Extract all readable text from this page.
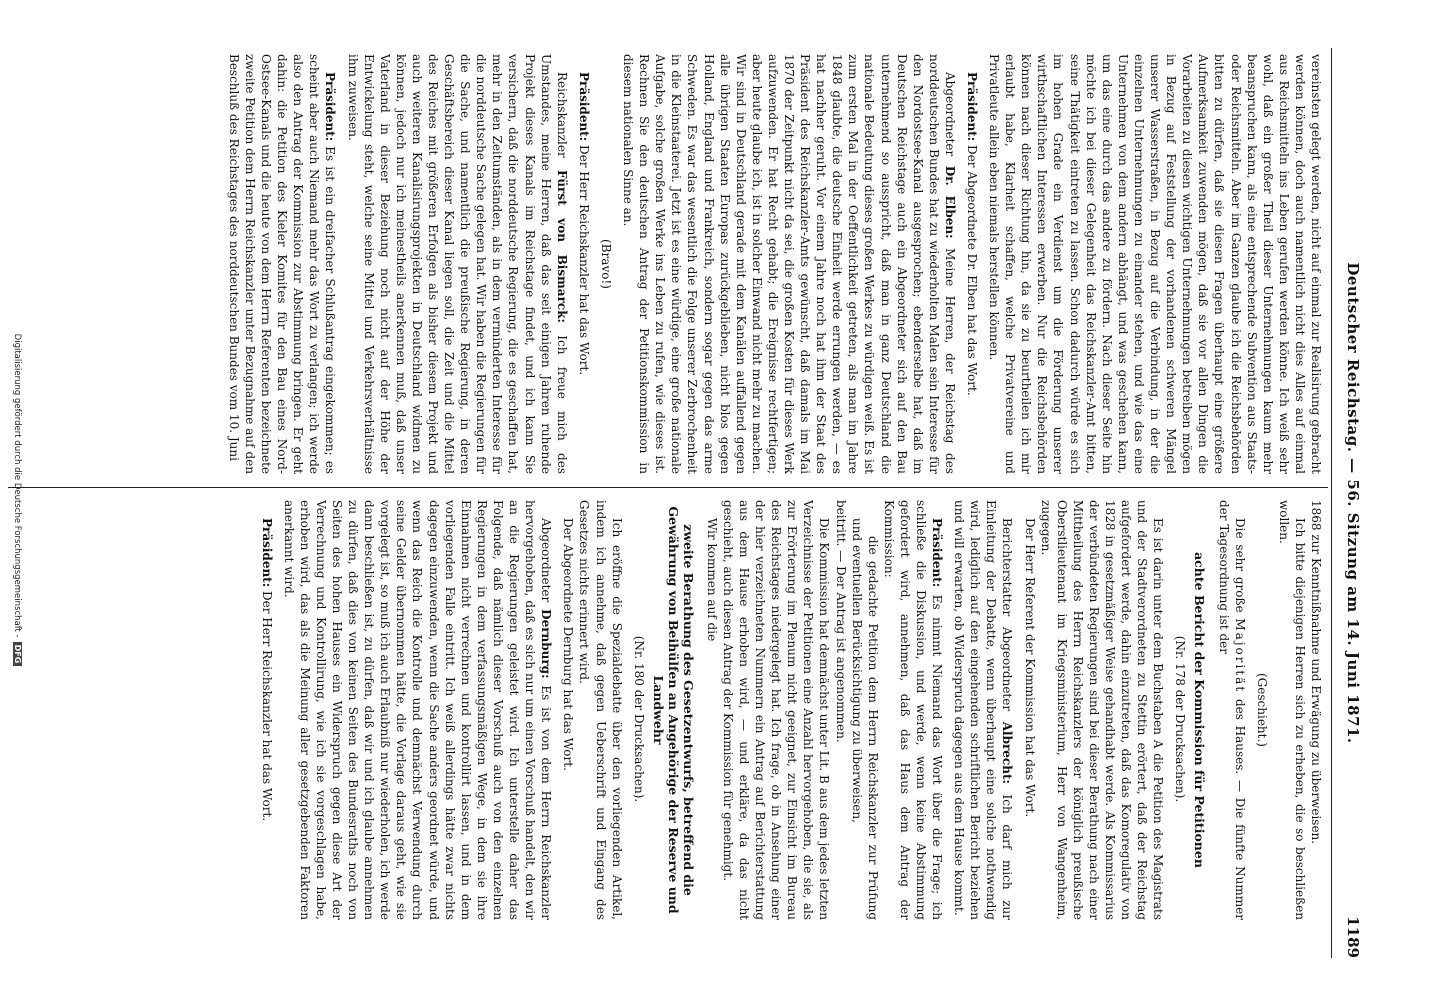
Deutscher Reichstag. — 56. Sitzung am 14. Juni 1871.
1189

vereinsten gelegt werden, nicht auf einmal zur Realisirung gebracht werden können, doch auch namentlich nicht dies Alles auf einmal aus Reichsmitteln ins Leben gerufen werden könne. Ich weiß sehr wohl, daß ein großer Theil dieser Unternehmungen kaum mehr beanspruchen kann, als eine entsprechende Subvention aus Staats- oder Reichsmitteln. Aber im Ganzen glaube ich die Reichsbehörden bitten zu dürfen, daß sie diesen Fragen überhaupt eine größere Aufmerksamkeit zuwenden mögen, daß sie vor allen Dingen die Vorarbeiten zu diesen wichtigen Unternehmungen betreiben mögen in Bezug auf Feststellung der vorhandenen schweren Mängel unserer Wasserstraßen, in Bezug auf die Verbindung, in der die einzelnen Unternehmungen zu einander stehen, und wie das eine Unternehmen von dem andern abhängt, und was geschehen kann, um das eine durch das andere zu fördern. Nach dieser Seite hin möchte ich bei dieser Gelegenheit das Reichskanzler-Amt bitten, seine Thätigkeit eintreten zu lassen. Schon dadurch würde es sich im hohen Grade ein Verdienst um die Förderung unserer wirthschaftlichen Interessen erwerben. Nur die Reichsbehörden können nach dieser Richtung hin, da sie zu beurtheilen ich mir erlaubt habe, Klarheit schaffen, welche Privatvereine und Privatleute allein eben niemals herstellen können.

Präsident: Der Abgeordnete Dr. Elben hat das Wort.

Abgeordneter Dr. Elben: Meine Herren, der Reichstag des norddeutschen Bundes hat zu wiederholten Malen sein Interesse für den Nordostsee-Kanal ausgesprochen; ebenderselbe hat, daß im Deutschen Reichstage auch ein Abgeordneter sich auf den Bau unternehmend so ausspricht, daß man in ganz Deutschland die nationale Bedeutung dieses großen Werkes zu würdigen weiß. Es ist zum ersten Mal in der Oeffentlichkeit getreten, als man im Jahre 1848 glaubte, die deutsche Einheit werde errungen werden, — es hat nachher geruht. Vor einem Jahre noch hat ihm der Staat des Präsident des Reichskanzler-Amts gewünscht, daß damals im Mai 1870 der Zeitpunkt nicht da sei, die großen Kosten für dieses Werk aufzuwenden. Er hat Recht gehabt; die Ereignisse rechtfertigen; aber heute glaube ich, ist in solcher Einwand nicht mehr zu machen. Wir sind in Deutschland gerade mit dem Kanälen auffallend gegen alle übrigen Staaten Europas zurückgeblieben, nicht blos gegen Holland, England und Frankreich, sondern sogar gegen das arme Schweden. Es war das wesentlich die Folge unserer Zerbrochenheit in die Kleinstaaterei. Jetzt ist es eine würdige, eine große nationale Aufgabe, solche großen Werke ins Leben zu rufen, wie dieses ist. Rechnen Sie den deutschen Antrag der Petitionskommission in diesem nationalen Sinne an.

(Bravo!)

Präsident: Der Herr Reichskanzler hat das Wort.

Reichskanzler Fürst von Bismarck: Ich freue mich des Umstandes, meine Herren, daß das seit einigen Jahren ruhende Projekt dieses Kanals im Reichstage findet, und ich kann Sie versichern, daß die norddeutsche Regierung, die es geschaffen hat, mehr in den Zeitumständen, als in dem verminderten Interesse für die norddeutsche Sache gelegen hat. Wir haben die Regierungen für die Sache, und namentlich die preußische Regierung, in deren Geschäftsbereich dieser Kanal liegen soll, die Zeit und die Mittel des Reiches mit größeren Erfolgen als bisher diesem Projekt und auch weiteren Kanalisirungsprojekten in Deutschland widmen zu können, jedoch nur ich meinestheils anerkennen muß, daß unser Vaterland in dieser Beziehung noch nicht auf der Höhe der Entwickelung steht, welche seine Mittel und Verkehrsverhältnisse ihm zuweisen.

Präsident: Es ist ein dreifacher Schlußantrag eingekommen; es scheint aber auch Niemand mehr das Wort zu verlangen; ich werde also den Antrag der Kommission zur Abstimmung bringen. Er geht dahin: die Petition des Kieler Komites für den Bau eines Nord-Ostsee-Kanals und die heute von dem Herrn Referenten bezeichnete zweite Petition dem Herrn Reichskanzler unter Bezugnahme auf den Beschluß des Reichstages des norddeutschen Bundes vom 10. Juni

1868 zur Kenntnißnahme und Erwägung zu überweisen.

Ich bitte diejenigen Herren sich zu erheben, die so beschließen wollen.

(Geschieht.)

Die sehr große Majorität des Hauses. — Die fünfte Nummer der Tagesordnung ist der

achte Bericht der Kommission für Petitionen

(Nr. 178 der Drucksachen).

Es ist darin unter dem Buchstaben A die Petition des Magistrats und der Stadtverordneten zu Stettin erörtert, daß der Reichstag aufgefordert werde, dahin einzutreten, daß das Komoregulativ von 1828 in gesetzmäßiger Weise gehandhabt werde. Als Kommissarius der verbündeten Regierungen sind bei dieser Berathung nach einer Mittheilung des Herrn Reichskanzlers der königlich preußische Oberstlieutenant im Kriegsministerium, Herr von Wangenheim, zugegen.

Der Herr Referent der Kommission hat das Wort.

Berichterstatter Abgeordneter Albrecht: Ich darf mich zur Einleitung der Debatte, wenn überhaupt eine solche nothwendig wird, lediglich auf den eingehenden schriftlichen Bericht beziehen und will erwarten, ob Widerspruch dagegen aus dem Hause kommt.

Präsident: Es nimmt Niemand das Wort über die Frage; ich schließe die Diskussion, und werde, wenn keine Abstimmung gefordert wird, annehmen, daß das Haus dem Antrag der Kommission:

die gedachte Petition dem Herrn Reichskanzler zur Prüfung und eventuellen Berücksichtigung zu überweisen,

beitritt. — Der Antrag ist angenommen.

Die Kommission hat demnächst unter Lit. B aus dem jedes letzten Verzeichnisse der Petitionen eine Anzahl hervorgehoben, die sie, als zur Erörterung im Plenum nicht geeignet, zur Einsicht im Bureau des Reichstages niedergelegt hat. Ich frage, ob in Ansehung einer der hier verzeichneten Nummern ein Antrag auf Berichterstattung aus dem Hause erhoben wird, — und erkläre, da das nicht geschieht, auch diesen Antrag der Kommission für genehmigt.

Wir kommen auf die

zweite Berathung des Gesetzentwurfs, betreffend die Gewährung von Beihülfen an Angehörige der Reserve und Landwehr

(Nr. 180 der Drucksachen).

Ich eröffne die Spezialdebatte über den vorliegenden Artikel, indem ich annehme, daß gegen Ueberschrift und Eingang des Gesetzes nichts erinnert wird.

Der Abgeordnete Dernburg hat das Wort.

Abgeordneter Dernburg: Es ist von dem Herrn Reichskanzler hervorgehoben, daß es sich nur um einen Vorschuß handelt, den wir an die Regierungen geleistet wird. Ich unterstelle daher das Folgende, daß nämlich dieser Vorschuß auch von den einzelnen Regierungen in dem verfassungsmäßigen Wege, in dem sie ihre Einnahmen nicht verrechnen und kontrollirt lassen, und in dem vorliegenden Falle eintritt. Ich weiß allerdings hätte zwar nichts dagegen einzuwenden, wenn die Sache anders geordnet würde, und wenn das Reich die Kontrolle und demnächst Verwendung durch seine Gelder übernommen hätte, die Vorlage daraus geht, wie sie vorgelegt ist, so muß ich auch Erlaubniß nur wiederholen, ich werde dann beschließen ist, zu dürfen, daß wir und ich glaube annehmen zu dürfen, daß dies von keinen Seiten des Bundesraths noch von Seiten des hohen Hauses ein Widerspruch gegen diese Art der Verrechnung und Kontrollirung, wie ich sie vorgeschlagen habe, erhoben wird, das als die Meinung aller gesetzgebenden Faktoren anerkannt wird.

Präsident: Der Herr Reichskanzler hat das Wort.

Digitalisierung gefördert durch die Deutsche Forschungsgemeinschaft -DFG
